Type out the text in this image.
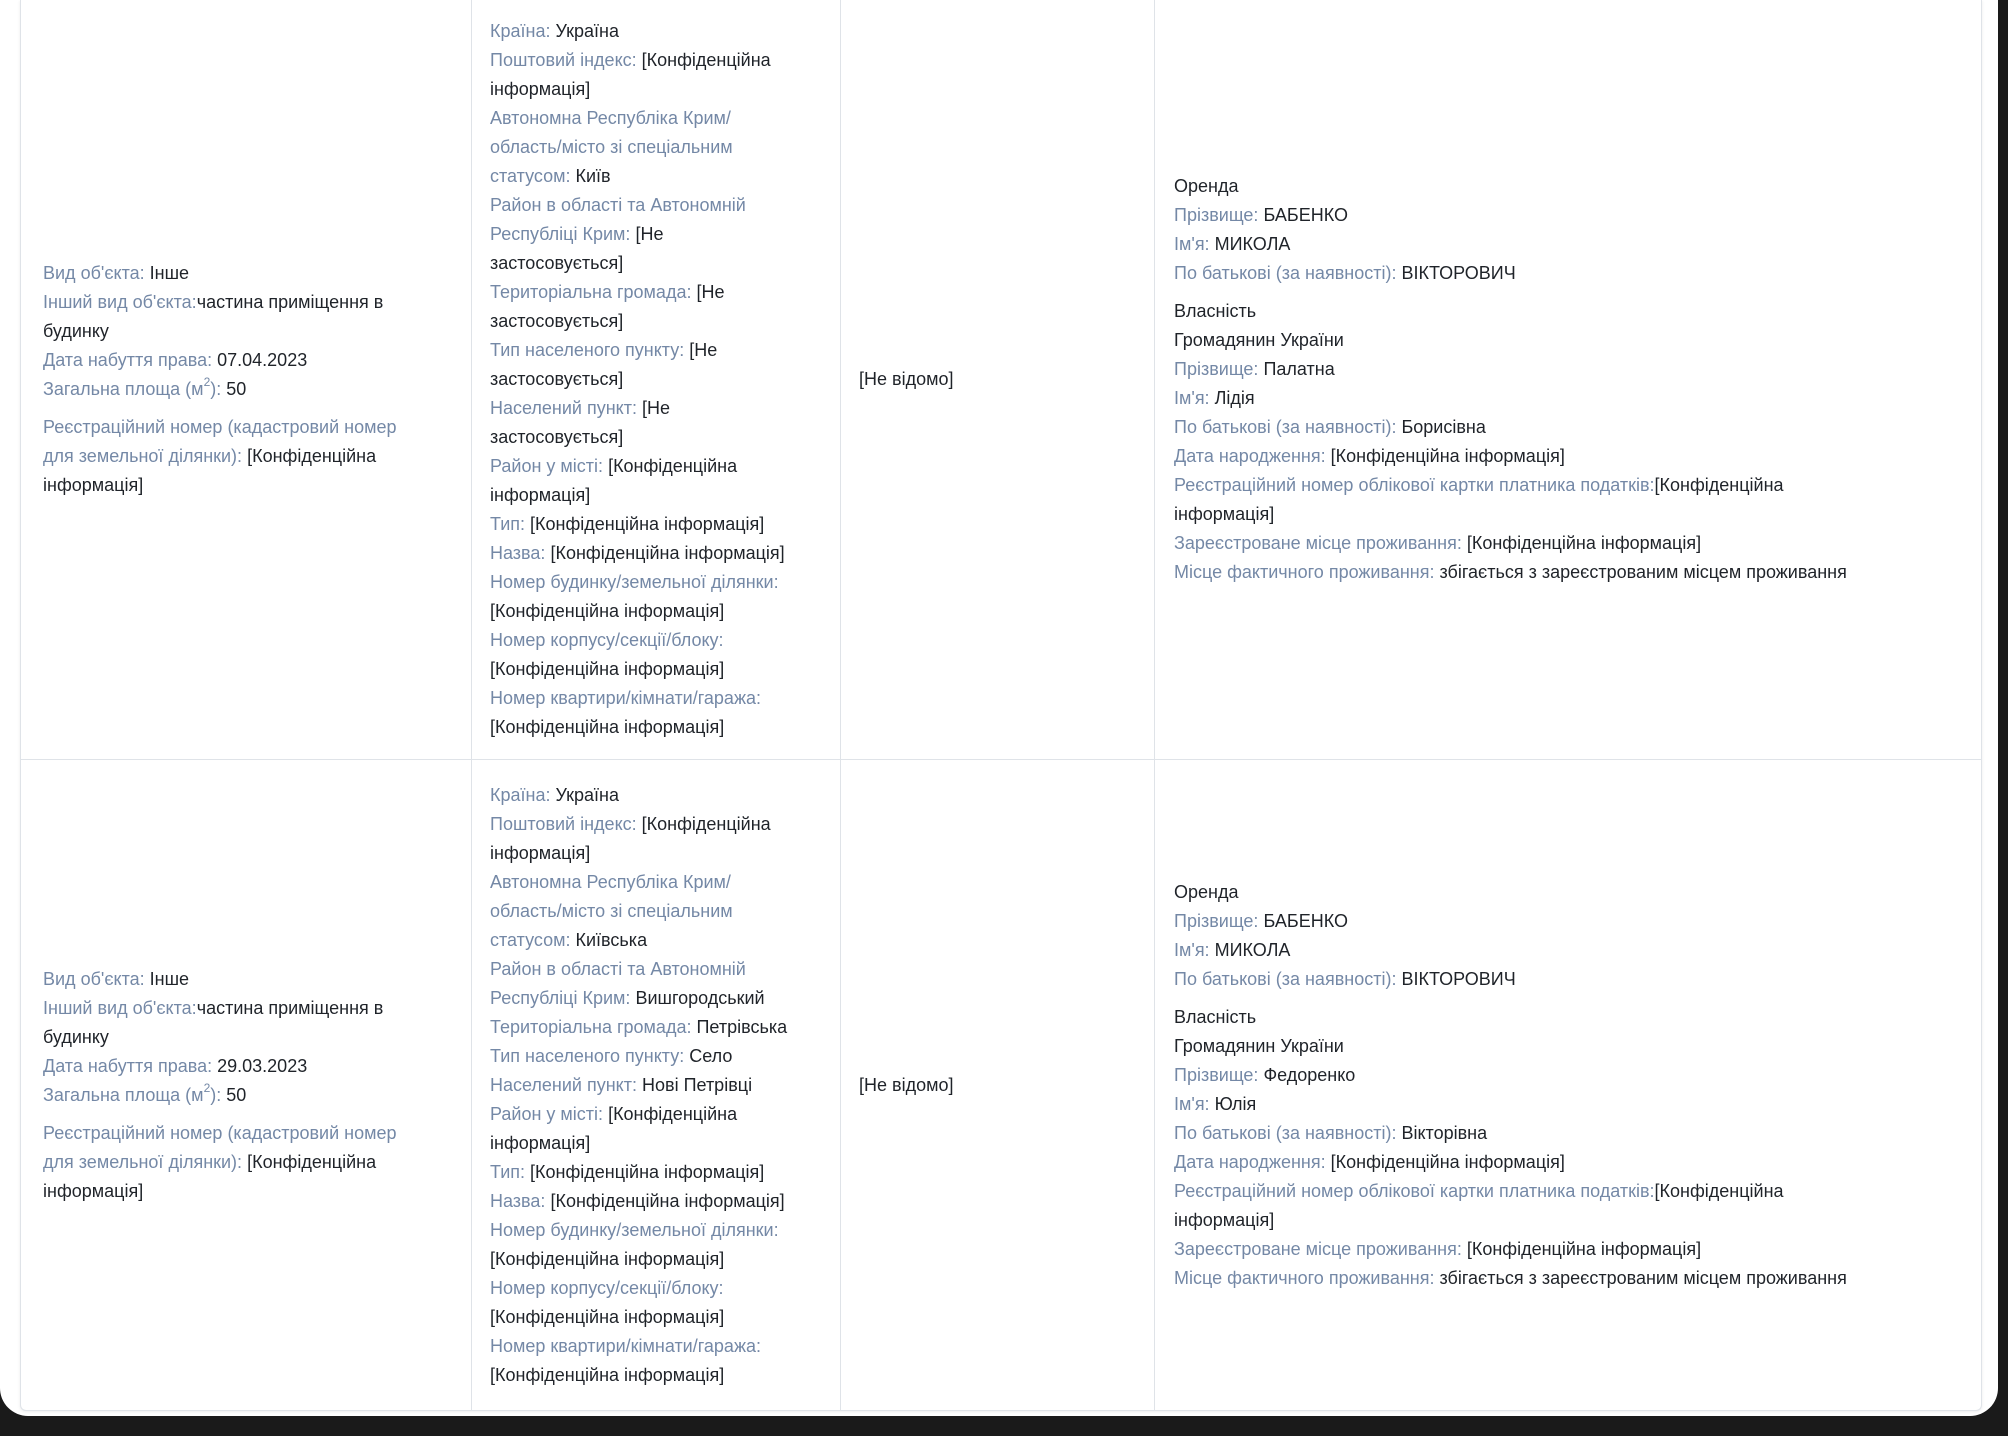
Вид об'єкта: Інше
Інший вид об'єкта:частина приміщення в
будинку
Дата набуття права: 07.04.2023
Загальна площа $(м^2)$: 50
Реєстраційний номер (кадастровий номер
для земельної ділянки): [Конфіденційна
інформація]
Країна: Україна
Поштовий індекс: [Конфіденційна
інформація]
Автономна Республіка Крим/
область/місто зі спеціальним
статусом: Київ
Район в області та Автономній
Республіці Крим: [Не
застосовується]
Територіальна громада: [Не
застосовується]
Тип населеного пункту: [Не
застосовується]
Населений пункт: [Не
застосовується]
Район у місті: [Конфіденційна
інформація]
Тип: [Конфіденційна інформація]
Назва: [Конфіденційна інформація]
Номер будинку/земельної ділянки:
[Конфіденційна інформація]
Номер корпусу/секції/блоку:
[Конфіденційна інформація]
Номер квартири/кімнати/гаража:
[Конфіденційна інформація]
[Не відомо]
Оренда
Прізвище: БАБЕНКО
Ім'я: МИКОЛА
По батькові (за наявності): ВІКТОРОВИЧ
Власність
Громадянин України
Прізвище: Палатна
Ім'я: Лідія
По батькові (за наявності): Борисівна
Дата народження: [Конфіденційна інформація]
Реєстраційний номер облікової картки платника податків:[Конфіденційна
інформація]
Зареєстроване місце проживання: [Конфіденційна інформація]
Місце фактичного проживання: збігається з зареєстрованим місцем проживання
Вид об'єкта: Інше
Інший вид об'єкта:частина приміщення в
будинку
Дата набуття права: 29.03.2023
Загальна площа $(м^2)$: 50
Реєстраційний номер (кадастровий номер
для земельної ділянки): [Конфіденційна
інформація]
Країна: Україна
Поштовий індекс: [Конфіденційна
інформація]
Автономна Республіка Крим/
область/місто зі спеціальним
статусом: Київська
Район в області та Автономній
Республіці Крим: Вишгородський
Територіальна громада: Петрівська
Тип населеного пункту: Село
Населений пункт: Нові Петрівці
Район у місті: [Конфіденційна
інформація]
Тип: [Конфіденційна інформація]
Назва: [Конфіденційна інформація]
Номер будинку/земельної ділянки:
[Конфіденційна інформація]
Номер корпусу/секції/блоку:
[Конфіденційна інформація]
Номер квартири/кімнати/гаража:
[Конфіденційна інформація]
[Не відомо]
Оренда
Прізвище: БАБЕНКО
Ім'я: МИКОЛА
По батькові (за наявності): ВІКТОРОВИЧ
Власність
Громадянин України
Прізвище: Федоренко
Ім'я: Юлія
По батькові (за наявності): Вікторівна
Дата народження: [Конфіденційна інформація]
Реєстраційний номер облікової картки платника податків:[Конфіденційна
інформація]
Зареєстроване місце проживання: [Конфіденційна інформація]
Місце фактичного проживання: збігається з зареєстрованим місцем проживання
